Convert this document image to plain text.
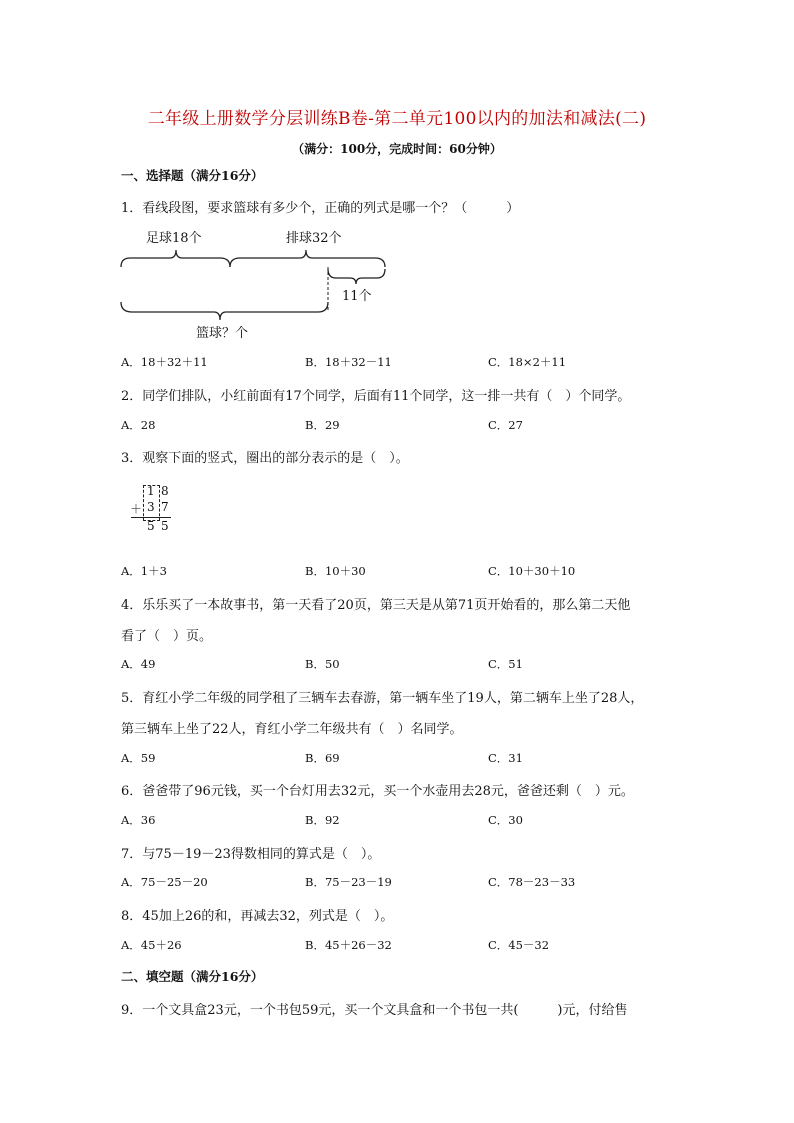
二年级上册数学分层训练B卷-第二单元100以内的加法和减法(二)
（满分：100分，完成时间：60分钟）
一、选择题（满分16分）
1．看线段图，要求篮球有多少个，正确的列式是哪一个？（　　　）
足球18个	排球32个
11个
篮球？个
A．18＋32＋11	B．18＋32－11	C．18×2＋11
2．同学们排队，小红前面有17个同学，后面有11个同学，这一排一共有（　）个同学。
A．28	B．29	C．27
3．观察下面的竖式，圈出的部分表示的是（　）。
1 8
＋ 3 7
5 5
A．1＋3	B．10＋30	C．10＋30＋10
4．乐乐买了一本故事书，第一天看了20页，第三天是从第71页开始看的，那么第二天他
看了（　）页。
A．49	B．50	C．51
5．育红小学二年级的同学租了三辆车去春游，第一辆车坐了19人，第二辆车上坐了28人，
第三辆车上坐了22人，育红小学二年级共有（　）名同学。
A．59	B．69	C．31
6．爸爸带了96元钱，买一个台灯用去32元，买一个水壶用去28元，爸爸还剩（　）元。
A．36	B．92	C．30
7．与75－19－23得数相同的算式是（　）。
A．75－25－20	B．75－23－19	C．78－23－33
8．45加上26的和，再减去32，列式是（　）。
A．45＋26	B．45＋26－32	C．45－32
二、填空题（满分16分）
9．一个文具盒23元，一个书包59元，买一个文具盒和一个书包一共(　　　)元，付给售
